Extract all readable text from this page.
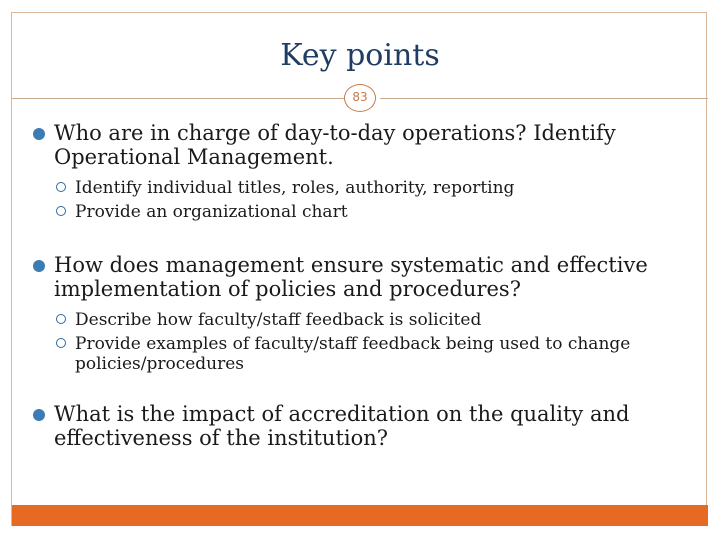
Key points
83
Who are in charge of day-to-day operations? Identify Operational Management.
Identify individual titles, roles, authority, reporting
Provide an organizational chart
How does management ensure systematic and effective implementation of policies and procedures?
Describe how faculty/staff feedback is solicited
Provide examples of faculty/staff feedback being used to change policies/procedures
What is the impact of accreditation on the quality and effectiveness of the institution?
